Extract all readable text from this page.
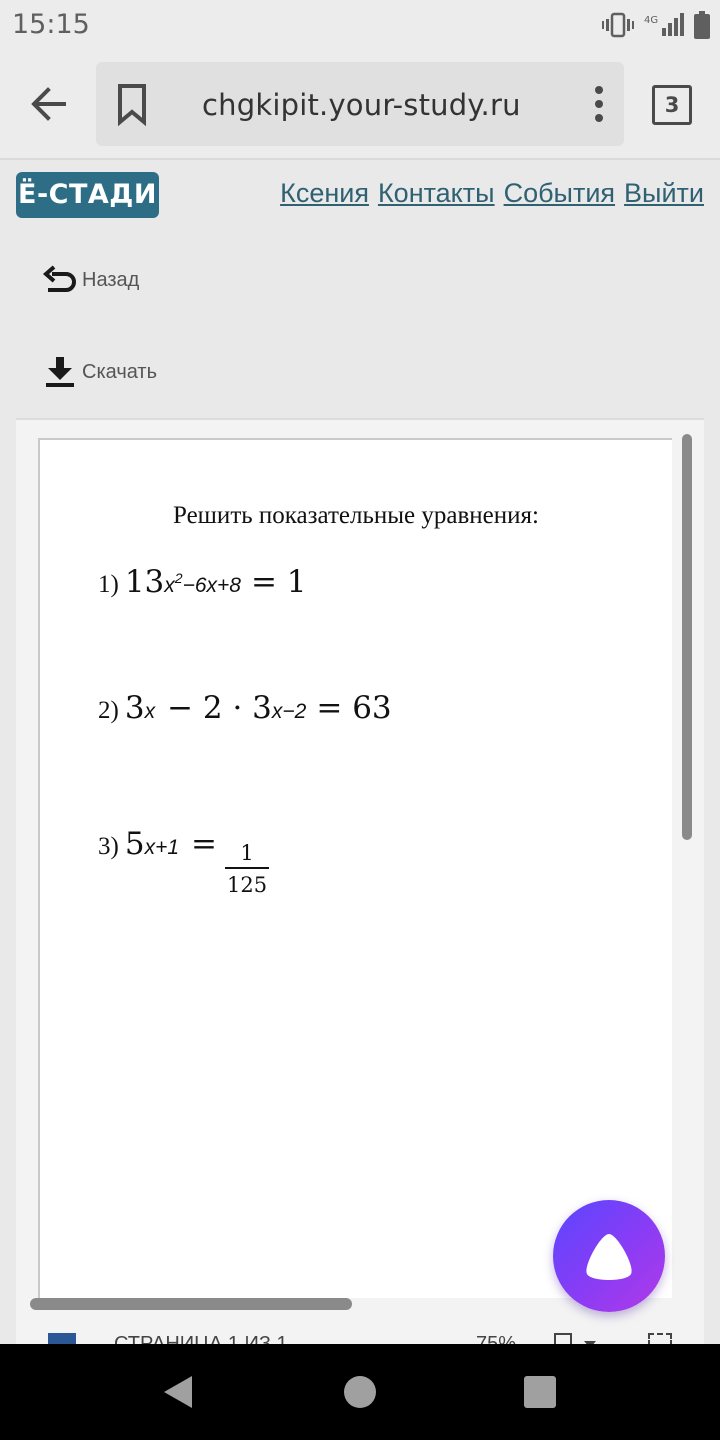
15:15	4G
chgkipit.your-study.ru	3
Ё-СТАДИ	Ксения Контакты События Выйти
Назад
Скачать
Решить показательные уравнения:
1) 13 $x^2-6x+8 = 1$
2) 3 x − 2 · 3 x−2 = 63
3) 5 $x+1 = \frac{1}{125}$
